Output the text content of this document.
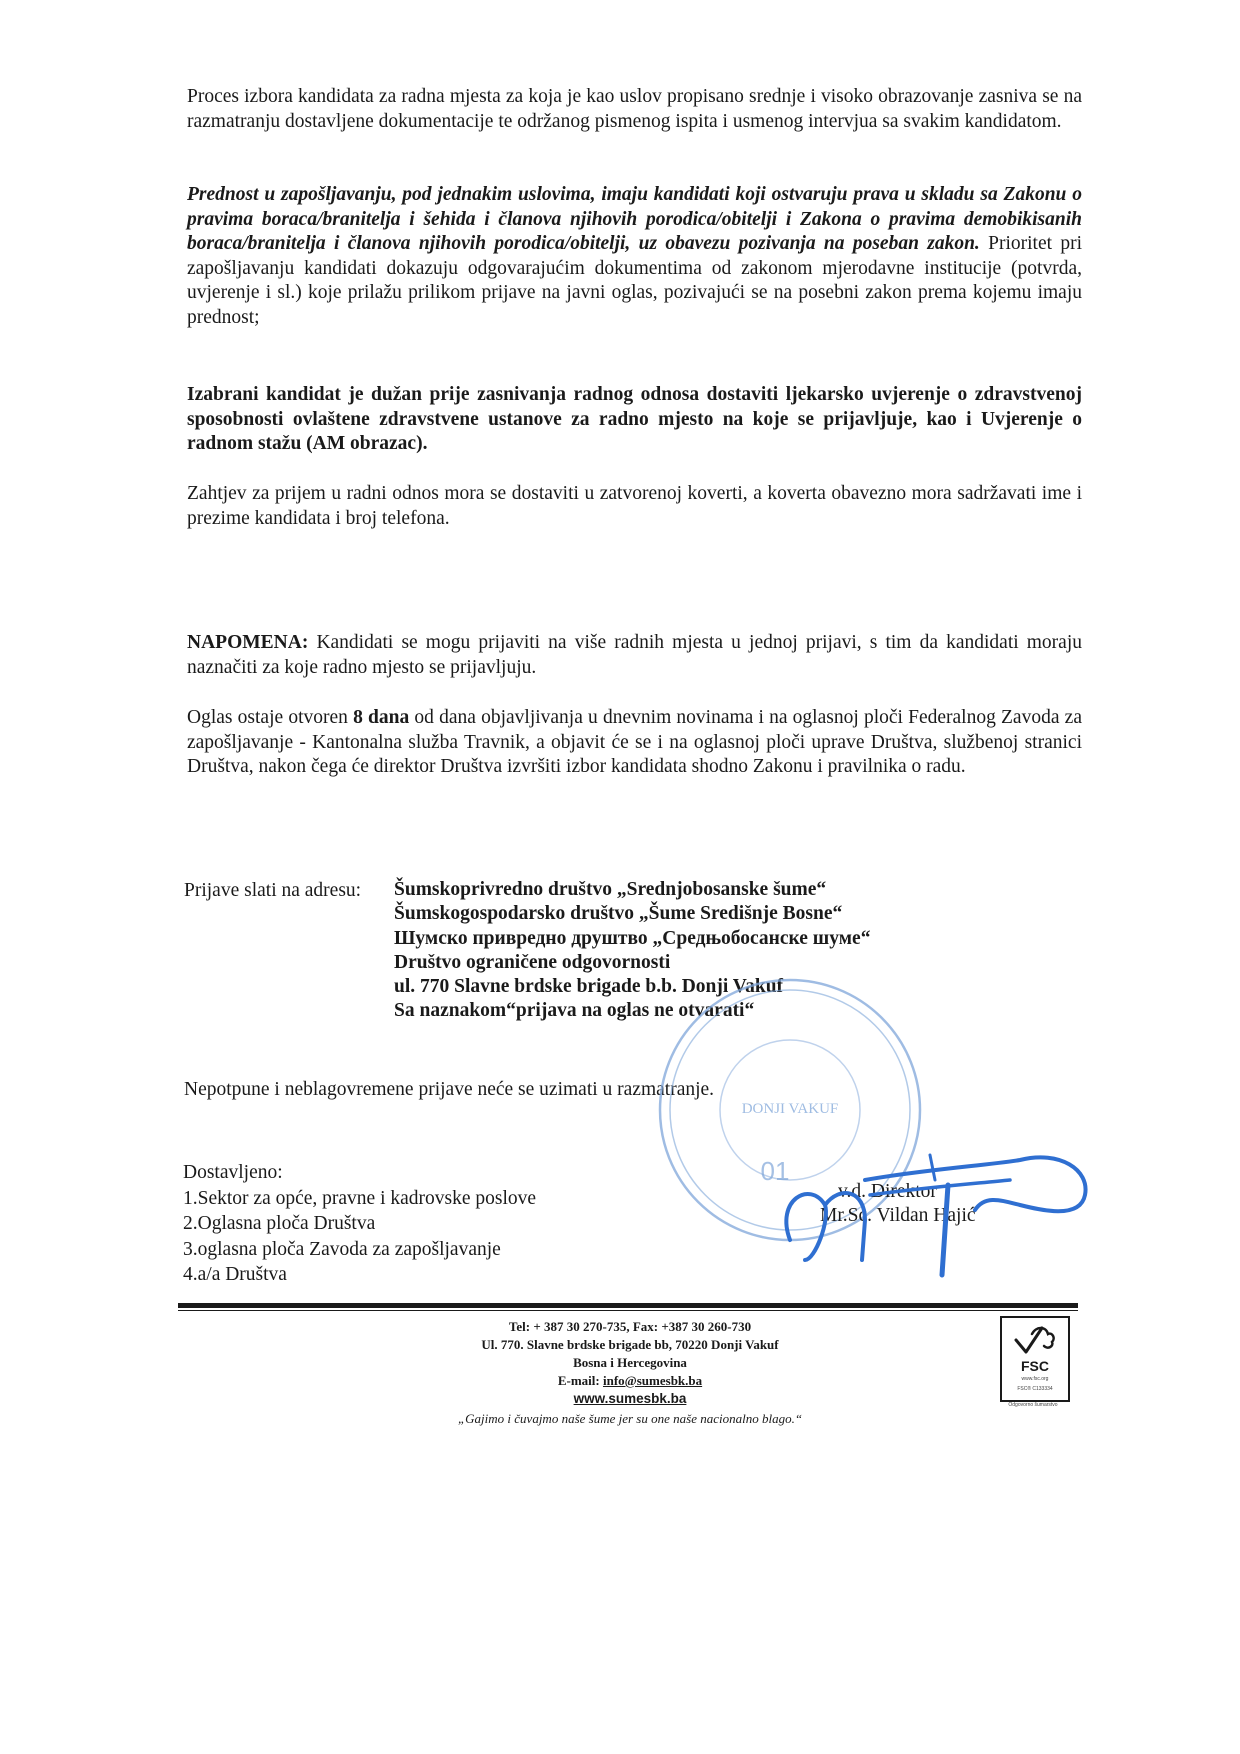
Proces izbora kandidata za radna mjesta za koja je kao uslov propisano srednje i visoko obrazovanje zasniva se na razmatranju dostavljene dokumentacije te održanog pismenog ispita i usmenog intervjua sa svakim kandidatom.
Prednost u zapošljavanju, pod jednakim uslovima, imaju kandidati koji ostvaruju prava u skladu sa Zakonu o pravima boraca/branitelja i šehida i članova njihovih porodica/obitelji i Zakona o pravima demobikisanih boraca/branitelja i članova njihovih porodica/obitelji, uz obavezu pozivanja na poseban zakon. Prioritet pri zapošljavanju kandidati dokazuju odgovarajućim dokumentima od zakonom mjerodavne institucije (potvrda, uvjerenje i sl.) koje prilažu prilikom prijave na javni oglas, pozivajući se na posebni zakon prema kojemu imaju prednost;
Izabrani kandidat je dužan prije zasnivanja radnog odnosa dostaviti ljekarsko uvjerenje o zdravstvenoj sposobnosti ovlaštene zdravstvene ustanove za radno mjesto na koje se prijavljuje, kao i Uvjerenje o radnom stažu (AM obrazac).
Zahtjev za prijem u radni odnos mora se dostaviti u zatvorenoj koverti, a koverta obavezno mora sadržavati ime i prezime kandidata i broj telefona.
NAPOMENA: Kandidati se mogu prijaviti na više radnih mjesta u jednoj prijavi, s tim da kandidati moraju naznačiti za koje radno mjesto se prijavljuju.
Oglas ostaje otvoren 8 dana od dana objavljivanja u dnevnim novinama i na oglasnoj ploči Federalnog Zavoda za zapošljavanje - Kantonalna služba Travnik, a objavit će se i na oglasnoj ploči uprave Društva, službenoj stranici Društva, nakon čega će direktor Društva izvršiti izbor kandidata shodno Zakonu i pravilnika o radu.
Prijave slati na adresu: Šumskoprivredno društvo „Srednjobosanske šume“
Šumskogospodarsko društvo „Šume Središnje Bosne“
Шумско привредно друштво „Средњобосанске шуме“
Društvo ograničene odgovornosti
ul. 770 Slavne brdske brigade b.b. Donji Vakuf
Sa naznakom“prijava na oglas ne otvarati“
Nepotpune i neblagovremene prijave neće se uzimati u razmatranje.
DONJI VAKUF
01
Dostavljeno:
1.Sektor za opće, pravne i kadrovske poslove
2.Oglasna ploča Društva
3.oglasna ploča Zavoda za zapošljavanje
4.a/a Društva
v.d. Direktor
Mr.Sc. Vildan Hajić
Tel: + 387 30 270-735, Fax: +387 30 260-730
Ul. 770. Slavne brdske brigade bb, 70220 Donji Vakuf
Bosna i Hercegovina
E-mail: info@sumesbk.ba
www.sumesbk.ba
„Gajimo i čuvajmo naše šume jer su one naše nacionalno blago.“
FSC
www.fsc.org
FSC® C133334
Odgovorno šumarstvo
